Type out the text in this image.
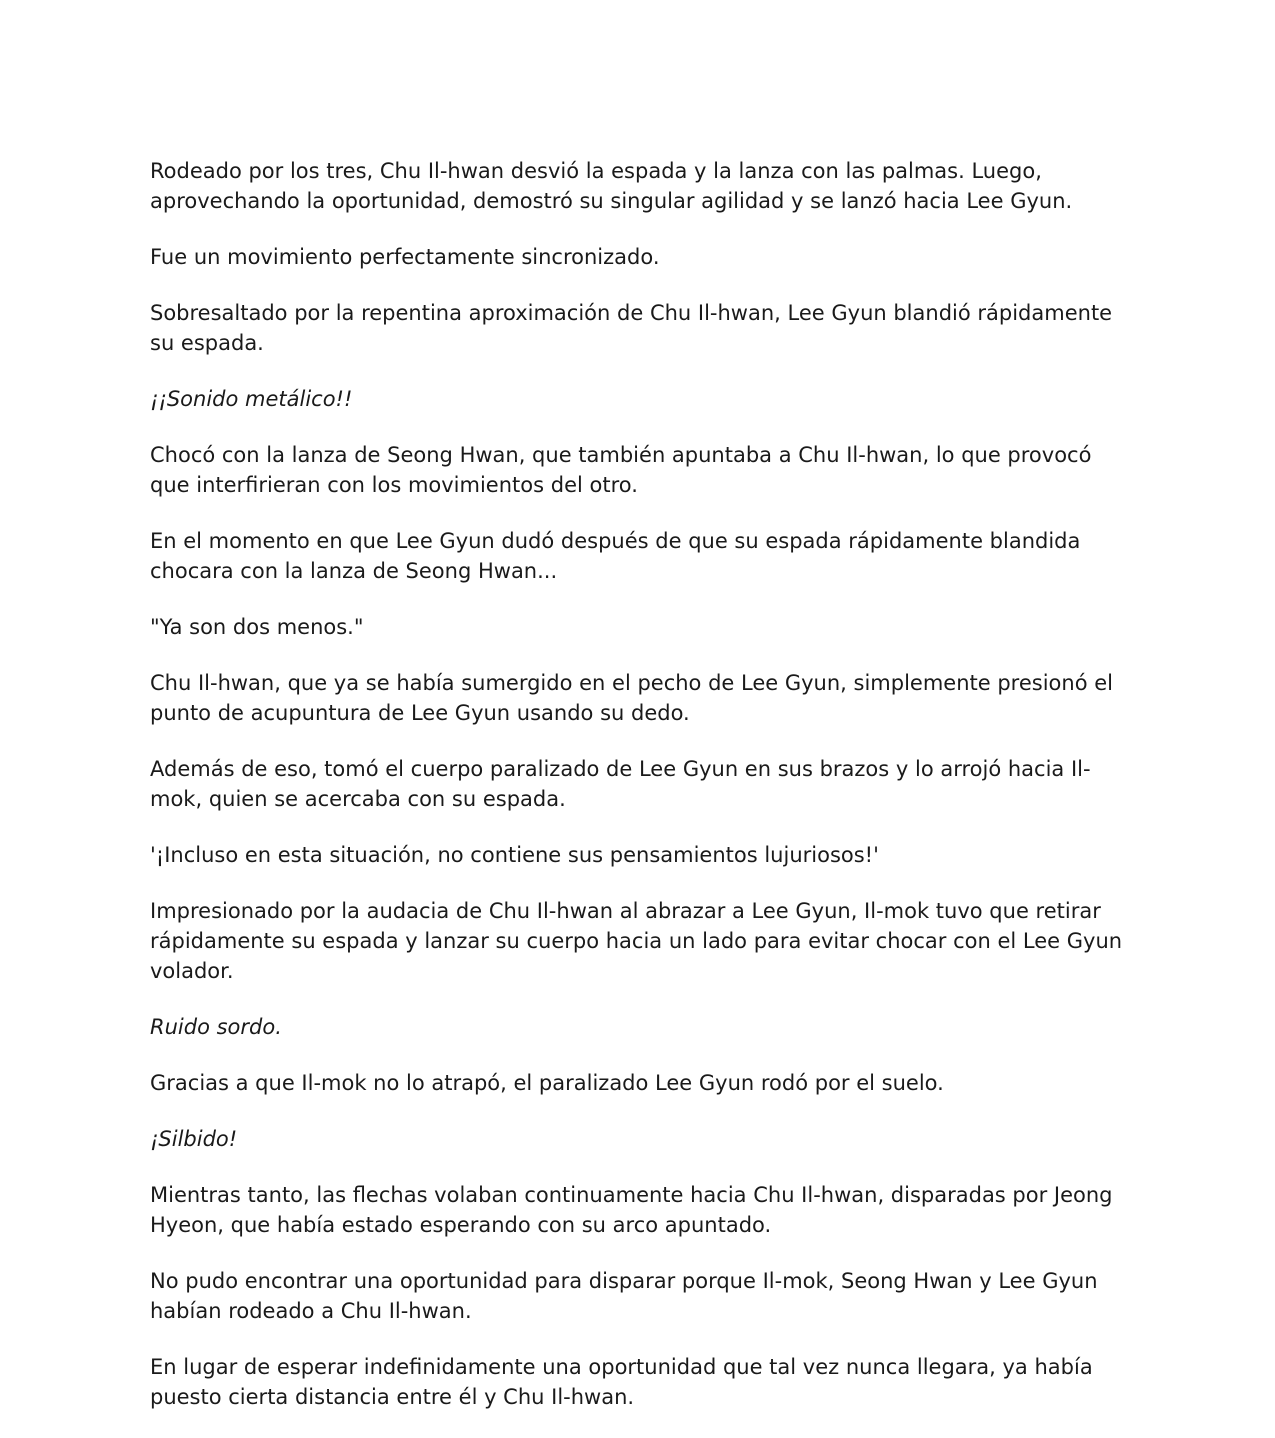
Rodeado por los tres, Chu Il-hwan desvió la espada y la lanza con las palmas. Luego, aprovechando la oportunidad, demostró su singular agilidad y se lanzó hacia Lee Gyun.

Fue un movimiento perfectamente sincronizado.

Sobresaltado por la repentina aproximación de Chu Il-hwan, Lee Gyun blandió rápidamente su espada.

¡¡Sonido metálico!!

Chocó con la lanza de Seong Hwan, que también apuntaba a Chu Il-hwan, lo que provocó que interfirieran con los movimientos del otro.

En el momento en que Lee Gyun dudó después de que su espada rápidamente blandida chocara con la lanza de Seong Hwan...

"Ya son dos menos."

Chu Il-hwan, que ya se había sumergido en el pecho de Lee Gyun, simplemente presionó el punto de acupuntura de Lee Gyun usando su dedo.

Además de eso, tomó el cuerpo paralizado de Lee Gyun en sus brazos y lo arrojó hacia Il-mok, quien se acercaba con su espada.

'¡Incluso en esta situación, no contiene sus pensamientos lujuriosos!'

Impresionado por la audacia de Chu Il-hwan al abrazar a Lee Gyun, Il-mok tuvo que retirar rápidamente su espada y lanzar su cuerpo hacia un lado para evitar chocar con el Lee Gyun volador.

Ruido sordo.

Gracias a que Il-mok no lo atrapó, el paralizado Lee Gyun rodó por el suelo.

¡Silbido!

Mientras tanto, las flechas volaban continuamente hacia Chu Il-hwan, disparadas por Jeong Hyeon, que había estado esperando con su arco apuntado.

No pudo encontrar una oportunidad para disparar porque Il-mok, Seong Hwan y Lee Gyun habían rodeado a Chu Il-hwan.

En lugar de esperar indefinidamente una oportunidad que tal vez nunca llegara, ya había puesto cierta distancia entre él y Chu Il-hwan.
